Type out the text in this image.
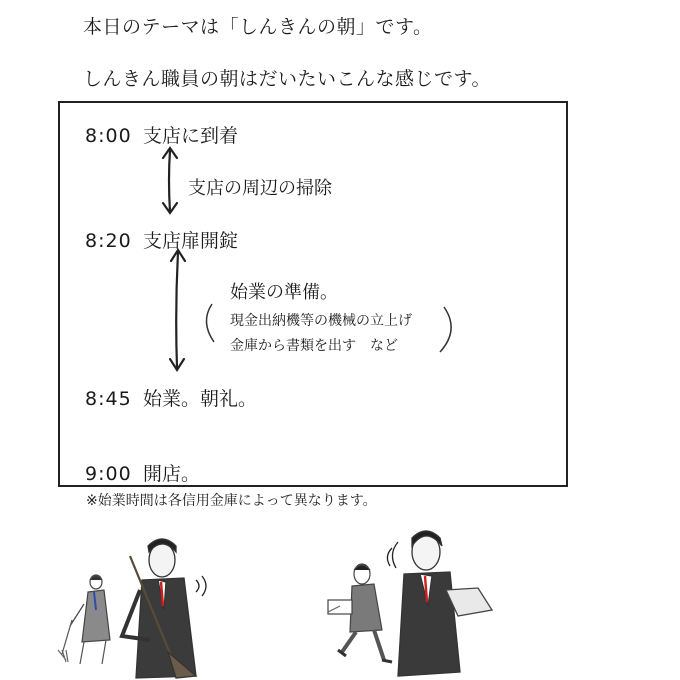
本日のテーマは「しんきんの朝」です。
しんきん職員の朝はだいたいこんな感じです。
8:00 支店に到着
支店の周辺の掃除
8:20 支店扉開錠
始業の準備。
現金出納機等の機械の立上げ
金庫から書類を出す　など
8:45 始業。朝礼。
9:00 開店。
※始業時間は各信用金庫によって異なります。
